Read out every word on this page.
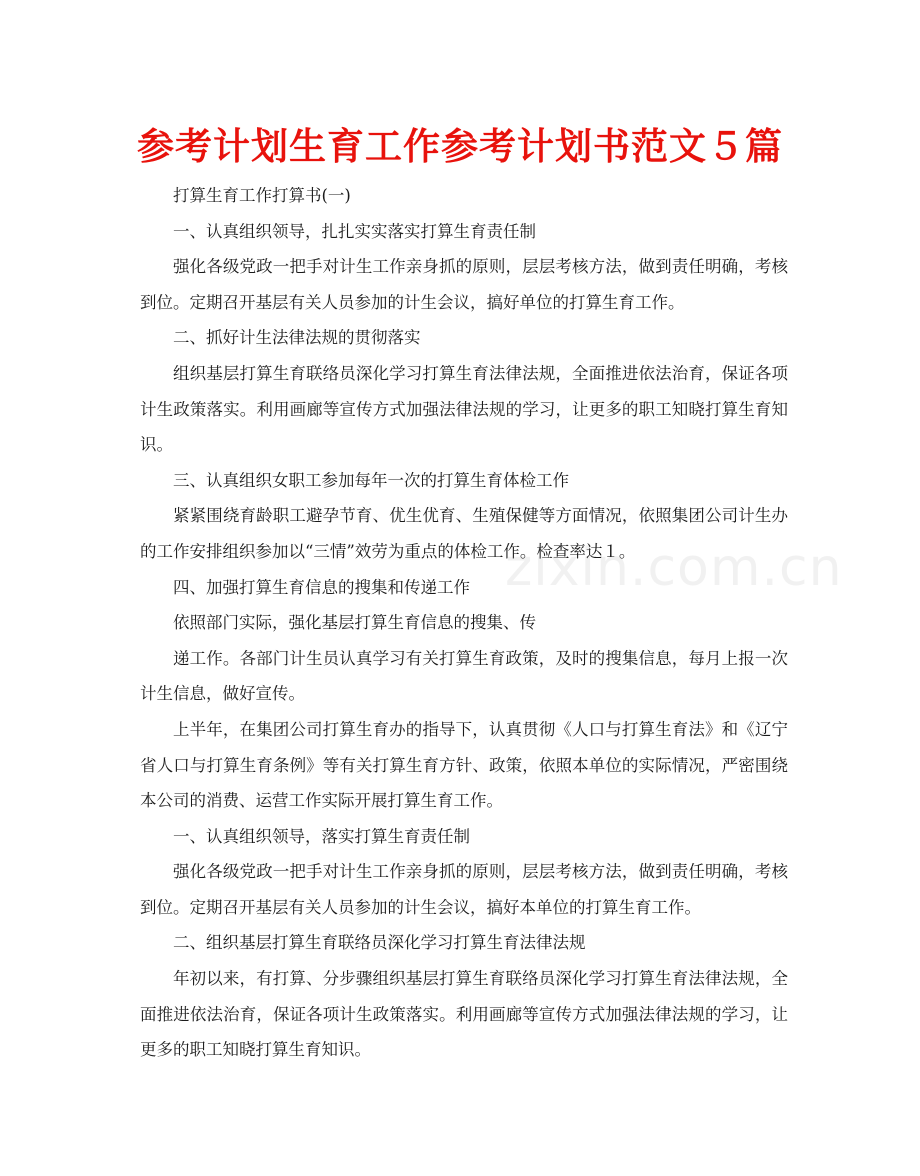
参考计划生育工作参考计划书范文５篇

打算生育工作打算书(一)

一、认真组织领导，扎扎实实落实打算生育责任制

强化各级党政一把手对计生工作亲身抓的原则，层层考核方法，做到责任明确，考核到位。定期召开基层有关人员参加的计生会议，搞好单位的打算生育工作。

二、抓好计生法律法规的贯彻落实

组织基层打算生育联络员深化学习打算生育法律法规，全面推进依法治育，保证各项计生政策落实。利用画廊等宣传方式加强法律法规的学习，让更多的职工知晓打算生育知识。

三、认真组织女职工参加每年一次的打算生育体检工作

紧紧围绕育龄职工避孕节育、优生优育、生殖保健等方面情况，依照集团公司计生办的工作安排组织参加以“三情”效劳为重点的体检工作。检查率达１。

四、加强打算生育信息的搜集和传递工作

依照部门实际，强化基层打算生育信息的搜集、传

递工作。各部门计生员认真学习有关打算生育政策，及时的搜集信息，每月上报一次计生信息，做好宣传。

上半年，在集团公司打算生育办的指导下，认真贯彻《人口与打算生育法》和《辽宁省人口与打算生育条例》等有关打算生育方针、政策，依照本单位的实际情况，严密围绕本公司的消费、运营工作实际开展打算生育工作。

一、认真组织领导，落实打算生育责任制

强化各级党政一把手对计生工作亲身抓的原则，层层考核方法，做到责任明确，考核到位。定期召开基层有关人员参加的计生会议，搞好本单位的打算生育工作。

二、组织基层打算生育联络员深化学习打算生育法律法规

年初以来，有打算、分步骤组织基层打算生育联络员深化学习打算生育法律法规，全面推进依法治育，保证各项计生政策落实。利用画廊等宣传方式加强法律法规的学习，让更多的职工知晓打算生育知识。

zixin.com.cn
